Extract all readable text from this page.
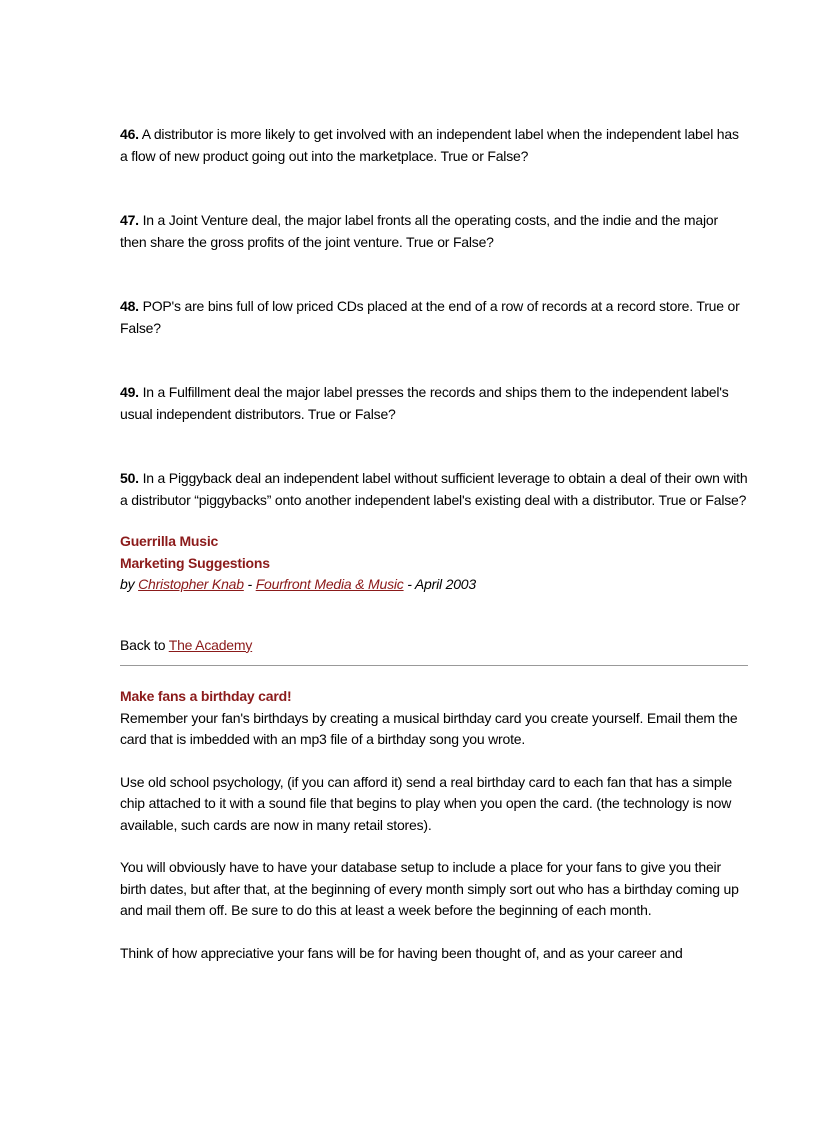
46. A distributor is more likely to get involved with an independent label when the independent label has a flow of new product going out into the marketplace. True or False?

47. In a Joint Venture deal, the major label fronts all the operating costs, and the indie and the major then share the gross profits of the joint venture. True or False?

48. POP's are bins full of low priced CDs placed at the end of a row of records at a record store. True or False?

49. In a Fulfillment deal the major label presses the records and ships them to the independent label's usual independent distributors. True or False?

50. In a Piggyback deal an independent label without sufficient leverage to obtain a deal of their own with a distributor “piggybacks” onto another independent label's existing deal with a distributor. True or False?

Guerrilla Music
Marketing Suggestions
by Christopher Knab - Fourfront Media & Music - April 2003
Back to The Academy
Make fans a birthday card!

Remember your fan's birthdays by creating a musical birthday card you create yourself. Email them the card that is imbedded with an mp3 file of a birthday song you wrote.

Use old school psychology, (if you can afford it) send a real birthday card to each fan that has a simple chip attached to it with a sound file that begins to play when you open the card. (the technology is now available, such cards are now in many retail stores).

You will obviously have to have your database setup to include a place for your fans to give you their birth dates, but after that, at the beginning of every month simply sort out who has a birthday coming up and mail them off. Be sure to do this at least a week before the beginning of each month.

Think of how appreciative your fans will be for having been thought of, and as your career and
